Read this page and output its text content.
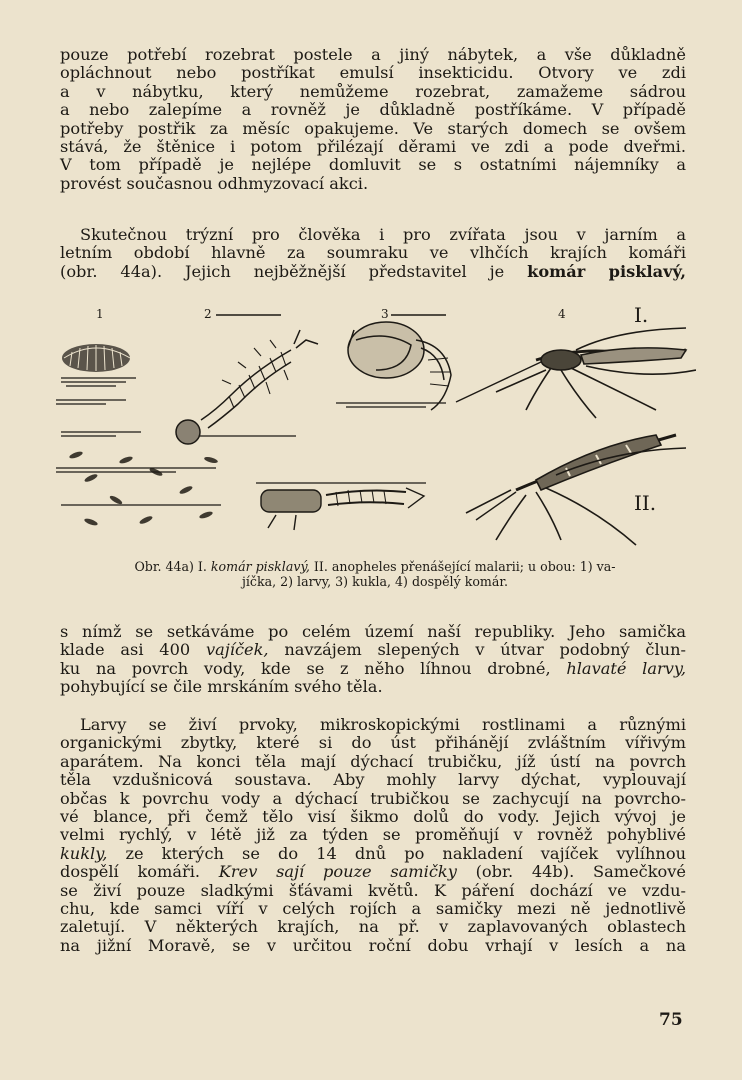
pouze potřebí rozebrat postele a jiný nábytek, a vše důkladně
opláchnout nebo postříkat emulsí insekticidu. Otvory ve zdi
a v nábytku, který nemůžeme rozebrat, zamažeme sádrou
a nebo zalepíme a rovněž je důkladně postříkáme. V případě
potřeby postřik za měsíc opakujeme. Ve starých domech se ovšem
stává, že štěnice i potom přilézají děrami ve zdi a pode dveřmi.
V tom případě je nejlépe domluvit se s ostatními nájemníky a
provést současnou odhmyzovací akci.

Skutečnou trýzní pro člověka i pro zvířata jsou v jarním a
letním období hlavně za soumraku ve vlhčích krajích komáři
(obr. 44a). Jejich nejběžnější představitel je komár pisklavý,

1	2	3	4	I.
II.

Obr. 44a) I. komár pisklavý, II. anopheles přenášející malarii; u obou: 1) va-
jíčka, 2) larvy, 3) kukla, 4) dospělý komár.

s nímž se setkáváme po celém území naší republiky. Jeho samička
klade asi 400 vajíček, navzájem slepených v útvar podobný člun-
ku na povrch vody, kde se z něho líhnou drobné, hlavaté larvy,
pohybující se čile mrskáním svého těla.

Larvy se živí prvoky, mikroskopickými rostlinami a různými
organickými zbytky, které si do úst přihánějí zvláštním vířivým
aparátem. Na konci těla mají dýchací trubičku, jíž ústí na povrch
těla vzdušnicová soustava. Aby mohly larvy dýchat, vyplouvají
občas k povrchu vody a dýchací trubičkou se zachycují na povrcho-
vé blance, při čemž tělo visí šikmo dolů do vody. Jejich vývoj je
velmi rychlý, v létě již za týden se proměňují v rovněž pohyblivé
kukly, ze kterých se do 14 dnů po nakladení vajíček vylíhnou
dospělí komáři. Krev sají pouze samičky (obr. 44b). Samečkové
se živí pouze sladkými šťávami květů. K páření dochází ve vzdu-
chu, kde samci víří v celých rojích a samičky mezi ně jednotlivě
zaletují. V některých krajích, na př. v zaplavovaných oblastech
na jižní Moravě, se v určitou roční dobu vrhají v lesích a na

75
